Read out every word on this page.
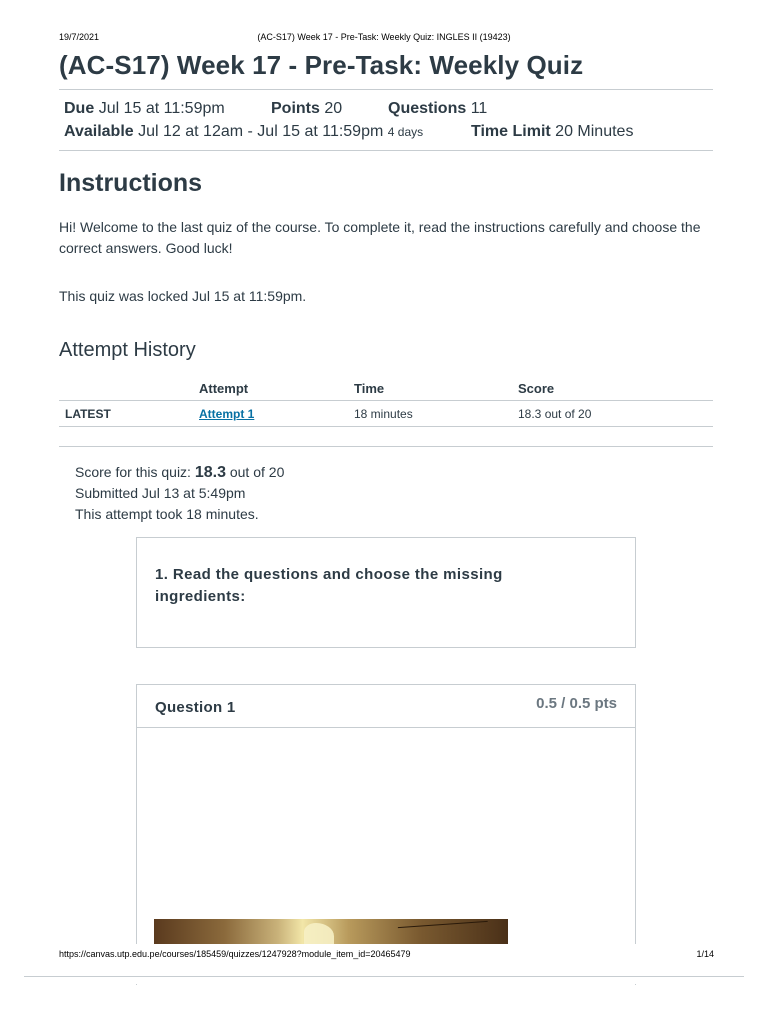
19/7/2021	(AC-S17) Week 17 - Pre-Task: Weekly Quiz: INGLES II (19423)
(AC-S17) Week 17 - Pre-Task: Weekly Quiz
Due Jul 15 at 11:59pm	Points 20	Questions 11
Available Jul 12 at 12am - Jul 15 at 11:59pm 4 days	Time Limit 20 Minutes
Instructions

Hi! Welcome to the last quiz of the course. To complete it, read the instructions carefully and choose the correct answers. Good luck!

This quiz was locked Jul 15 at 11:59pm.

Attempt History
	Attempt	Time	Score
LATEST	Attempt 1	18 minutes	18.3 out of 20
Score for this quiz: 18.3 out of 20
Submitted Jul 13 at 5:49pm
This attempt took 18 minutes.
1. Read the questions and choose the missing ingredients:
Question 1	0.5 / 0.5 pts
https://canvas.utp.edu.pe/courses/185459/quizzes/1247928?module_item_id=20465479	1/14
